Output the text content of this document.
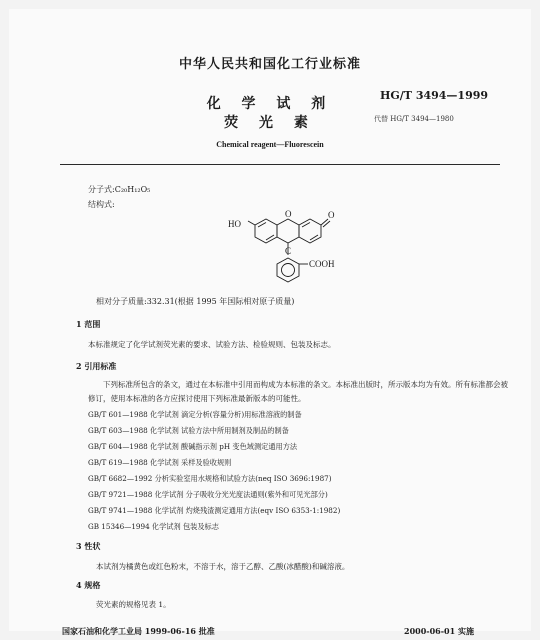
中华人民共和国化工行业标准
HG/T 3494—1999
化 学 试 剂
代替 HG/T 3494—1980
荧 光 素
Chemical reagent—Fluorescein
分子式:C₂₀H₁₂O₅
结构式:
HO
O	O
C
COOH
相对分子质量:332.31(根据 1995 年国际相对原子质量)
1 范围
本标准规定了化学试剂荧光素的要求、试验方法、检验规则、包装及标志。
2 引用标准
下列标准所包含的条文，通过在本标准中引用而构成为本标准的条文。本标准出版时，所示版本均为有效。所有标准都会被修订，使用本标准的各方应探讨使用下列标准最新版本的可能性。
GB/T 601—1988 化学试剂 滴定分析(容量分析)用标准溶液的制备
GB/T 603—1988 化学试剂 试验方法中所用制剂及制品的制备
GB/T 604—1988 化学试剂 酸碱指示剂 pH 变色域测定通用方法
GB/T 619—1988 化学试剂 采样及验收规则
GB/T 6682—1992 分析实验室用水规格和试验方法(neq ISO 3696:1987)
GB/T 9721—1988 化学试剂 分子吸收分光光度法通则(紫外和可见光部分)
GB/T 9741—1988 化学试剂 灼烧残渣测定通用方法(eqv ISO 6353-1:1982)
GB 15346—1994 化学试剂 包装及标志
3 性状
本试剂为橘黄色或红色粉末，不溶于水，溶于乙醇、乙酸(冰醋酸)和碱溶液。
4 规格
荧光素的规格见表 1。
国家石油和化学工业局 1999-06-16 批准	2000-06-01 实施
